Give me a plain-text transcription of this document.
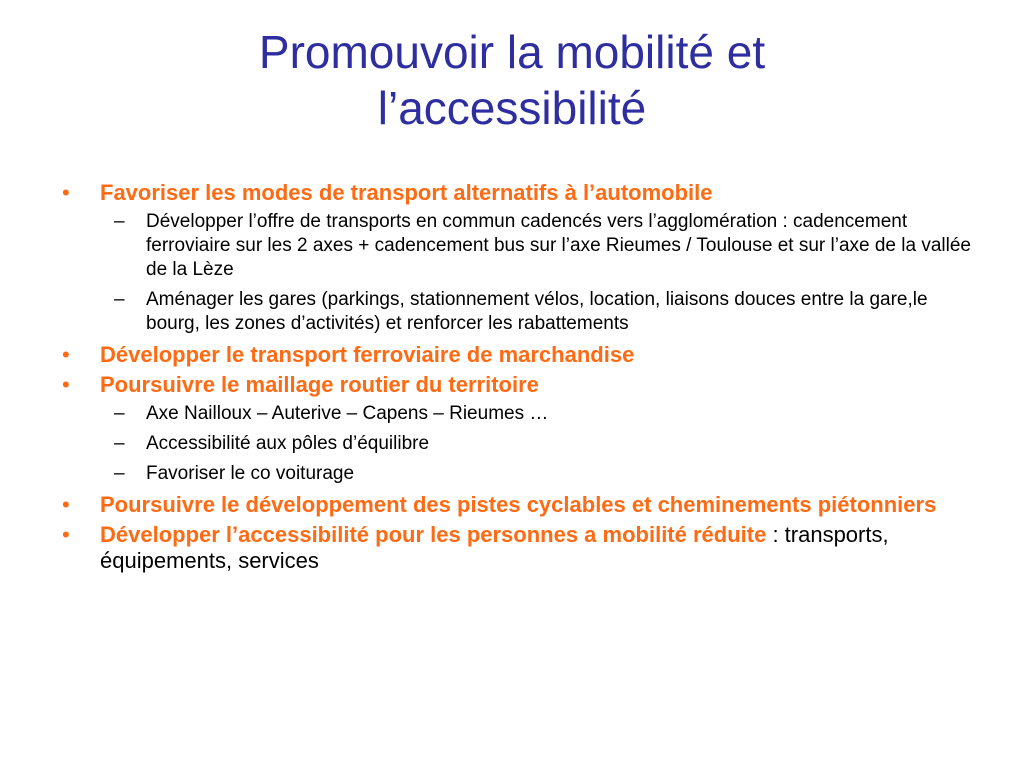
Promouvoir la mobilité et
l’accessibilité
• Favoriser les modes de transport alternatifs à l’automobile
– Développer l’offre de transports en commun cadencés vers l’agglomération : cadencement ferroviaire sur les 2 axes + cadencement bus sur l’axe Rieumes / Toulouse et sur l’axe de la vallée de la Lèze
– Aménager les gares (parkings, stationnement vélos, location, liaisons douces entre la gare,le bourg, les zones d’activités) et renforcer les rabattements
• Développer le transport ferroviaire de marchandise
• Poursuivre le maillage routier du territoire
– Axe Nailloux – Auterive – Capens – Rieumes …
– Accessibilité aux pôles d’équilibre
– Favoriser le co voiturage
• Poursuivre le développement des pistes cyclables et cheminements piétonniers
• Développer l’accessibilité pour les personnes a mobilité réduite : transports, équipements, services
